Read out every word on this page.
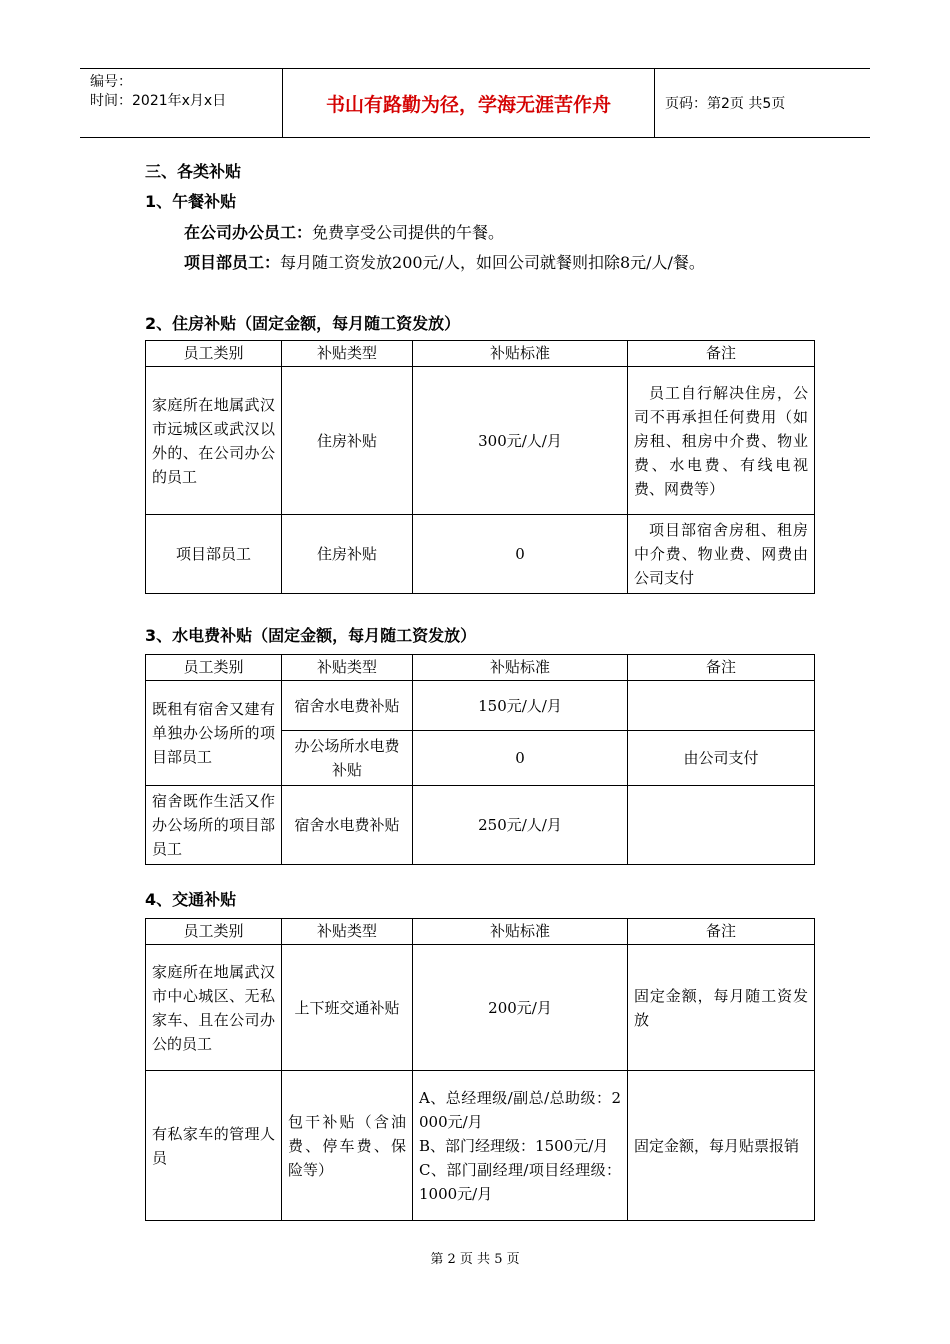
编号：
时间：2021年x月x日	书山有路勤为径，学海无涯苦作舟	页码：第2页 共5页
三、各类补贴
1、午餐补贴
在公司办公员工：免费享受公司提供的午餐。
项目部员工：每月随工资发放200元/人，如回公司就餐则扣除8元/人/餐。
2、住房补贴（固定金额，每月随工资发放）
员工类别	补贴类型	补贴标准	备注
家庭所在地属武汉市远城区或武汉以外的、在公司办公的员工	住房补贴	300元/人/月	员工自行解决住房，公司不再承担任何费用（如房租、租房中介费、物业费、水电费、有线电视费、网费等）
项目部员工	住房补贴	0	项目部宿舍房租、租房中介费、物业费、网费由公司支付
3、水电费补贴（固定金额，每月随工资发放）
员工类别	补贴类型	补贴标准	备注
既租有宿舍又建有单独办公场所的项目部员工	宿舍水电费补贴	150元/人/月	
	办公场所水电费补贴	0	由公司支付
宿舍既作生活又作办公场所的项目部员工	宿舍水电费补贴	250元/人/月	
4、交通补贴
员工类别	补贴类型	补贴标准	备注
家庭所在地属武汉市中心城区、无私家车、且在公司办公的员工	上下班交通补贴	200元/月	固定金额，每月随工资发放
有私家车的管理人员	包干补贴（含油费、停车费、保险等）	A、总经理级/副总/总助级：2000元/月
B、部门经理级：1500元/月
C、部门副经理/项目经理级：1000元/月	固定金额，每月贴票报销
第 2 页 共 5 页
